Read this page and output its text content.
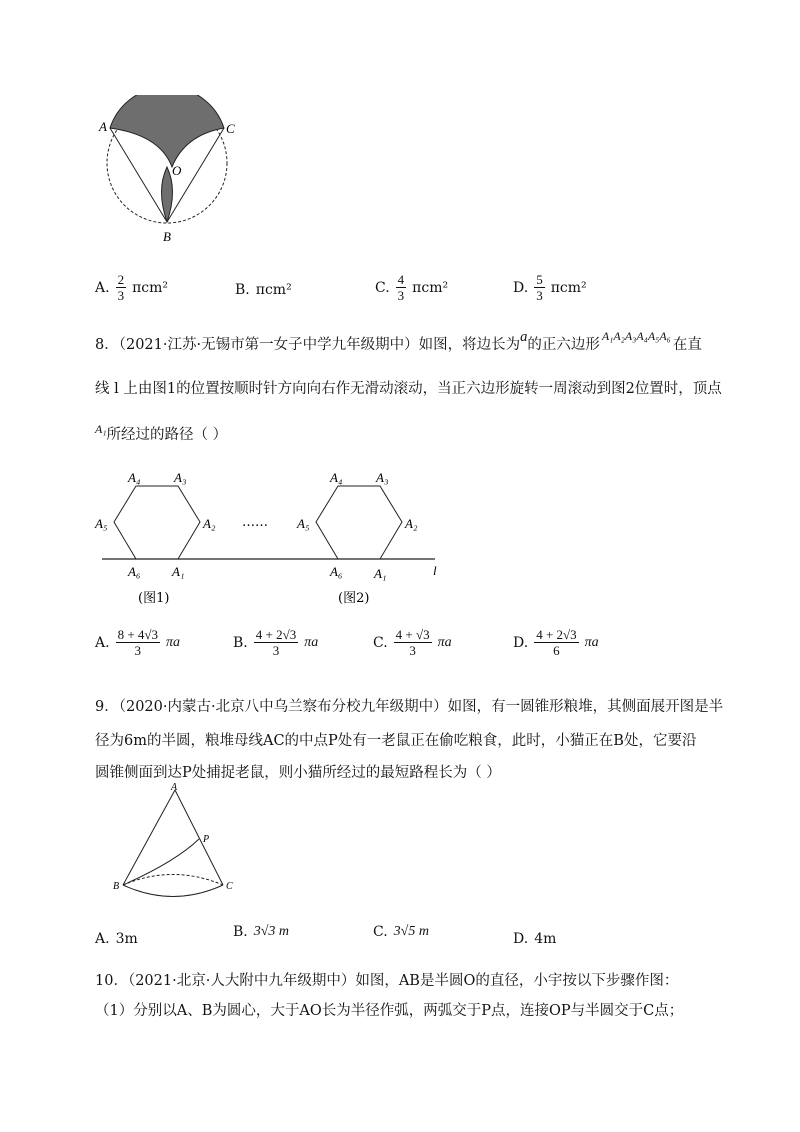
A	C
O
B
A. $\frac{2}{3} \pi cm^2$	B. πcm²	C. $\frac{4}{3} \pi cm^2$	D. $\frac{5}{3} \pi cm^2$
8．（2021·江苏·无锡市第一女子中学九年级期中）如图，将边长为a的正六边形$^{A_1A_2A_3A_4A_5A_6}$在直
线 l 上由图1的位置按顺时针方向向右作无滑动滚动，当正六边形旋转一周滚动到图2位置时，顶点
$^{A_1}$所经过的路径（ ）
A₄	A₃
A₅	A₂
A₆ A₁
……
A₄	A₃
A₅	A₂
A₆ A₁	l
(图1)	(图2)
A. $\frac{8 + 4√3}{3}$ πa	B. $\frac{4 + 2√3}{3}$ πa	C. $\frac{4 + √3}{3}$ πa	D. $\frac{4 + 2√3}{6}$ πa
9．（2020·内蒙古·北京八中乌兰察布分校九年级期中）如图，有一圆锥形粮堆，其侧面展开图是半
径为6m的半圆，粮堆母线AC的中点P处有一老鼠正在偷吃粮食，此时，小猫正在B处，它要沿
圆锥侧面到达P处捕捉老鼠，则小猫所经过的最短路程长为（ ）
A
P
B	C
A. 3m	B. 3√3 m	C. 3√5 m	D. 4m
10．（2021·北京·人大附中九年级期中）如图，AB是半圆O的直径，小宇按以下步骤作图：
（1）分别以A、B为圆心，大于AO长为半径作弧，两弧交于P点，连接OP与半圆交于C点；
